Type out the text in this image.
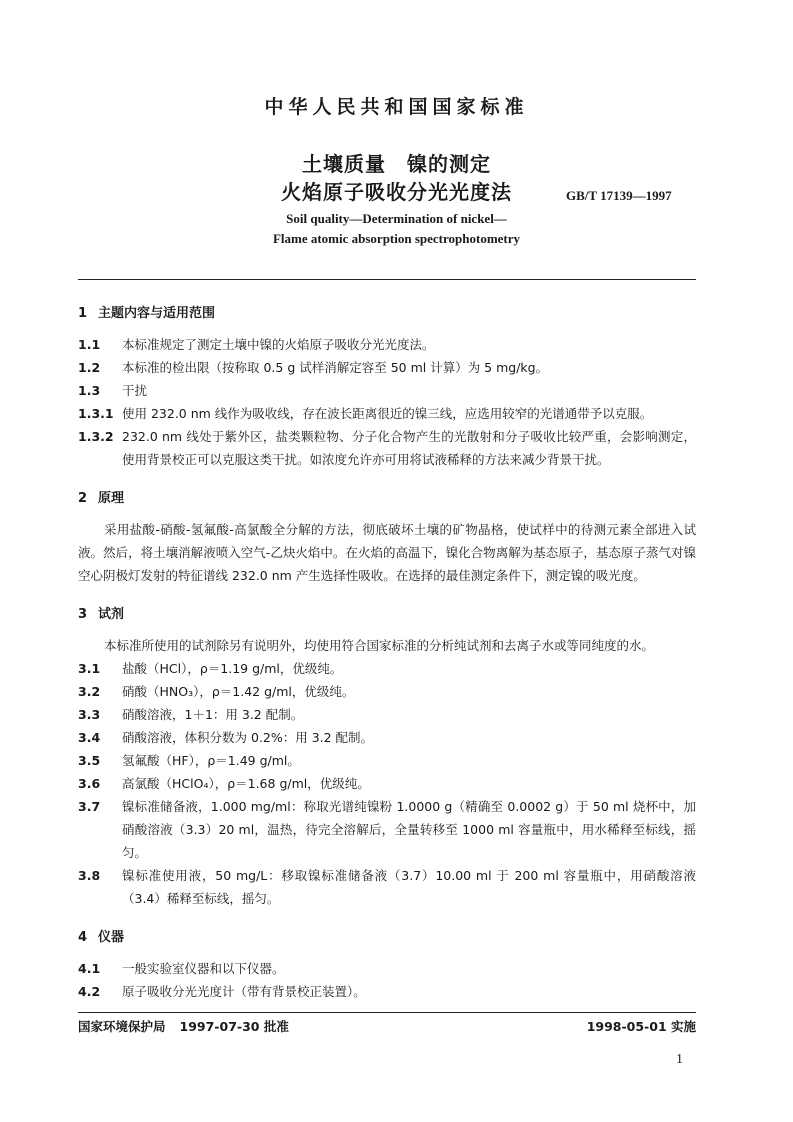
中华人民共和国国家标准
土壤质量　镍的测定
火焰原子吸收分光光度法	GB/T 17139—1997
Soil quality—Determination of nickel—
Flame atomic absorption spectrophotometry
1 主题内容与适用范围
1.1	本标准规定了测定土壤中镍的火焰原子吸收分光光度法。
1.2	本标准的检出限（按称取 0.5 g 试样消解定容至 50 ml 计算）为 5 mg/kg。
1.3	干扰
1.3.1 使用 232.0 nm 线作为吸收线，存在波长距离很近的镍三线，应选用较窄的光谱通带予以克服。
1.3.2 232.0 nm 线处于紫外区，盐类颗粒物、分子化合物产生的光散射和分子吸收比较严重，会影响测定，使用背景校正可以克服这类干扰。如浓度允许亦可用将试液稀释的方法来减少背景干扰。
2 原理
采用盐酸-硝酸-氢氟酸-高氯酸全分解的方法，彻底破坏土壤的矿物晶格，使试样中的待测元素全部进入试液。然后，将土壤消解液喷入空气-乙炔火焰中。在火焰的高温下，镍化合物离解为基态原子，基态原子蒸气对镍空心阴极灯发射的特征谱线 232.0 nm 产生选择性吸收。在选择的最佳测定条件下，测定镍的吸光度。
3 试剂
本标准所使用的试剂除另有说明外，均使用符合国家标准的分析纯试剂和去离子水或等同纯度的水。
3.1	盐酸（HCl），ρ＝1.19 g/ml，优级纯。
3.2	硝酸（HNO₃），ρ＝1.42 g/ml，优级纯。
3.3	硝酸溶液，1＋1：用 3.2 配制。
3.4	硝酸溶液，体积分数为 0.2%：用 3.2 配制。
3.5	氢氟酸（HF），ρ＝1.49 g/ml。
3.6	高氯酸（HClO₄），ρ＝1.68 g/ml，优级纯。
3.7	镍标准储备液，1.000 mg/ml：称取光谱纯镍粉 1.0000 g（精确至 0.0002 g）于 50 ml 烧杯中，加硝酸溶液（3.3）20 ml，温热，待完全溶解后，全量转移至 1000 ml 容量瓶中，用水稀释至标线，摇匀。
3.8	镍标准使用液，50 mg/L：移取镍标准储备液（3.7）10.00 ml 于 200 ml 容量瓶中，用硝酸溶液（3.4）稀释至标线，摇匀。
4 仪器
4.1	一般实验室仪器和以下仪器。
4.2	原子吸收分光光度计（带有背景校正装置）。
国家环境保护局 1997-07-30 批准	1998-05-01 实施
1
